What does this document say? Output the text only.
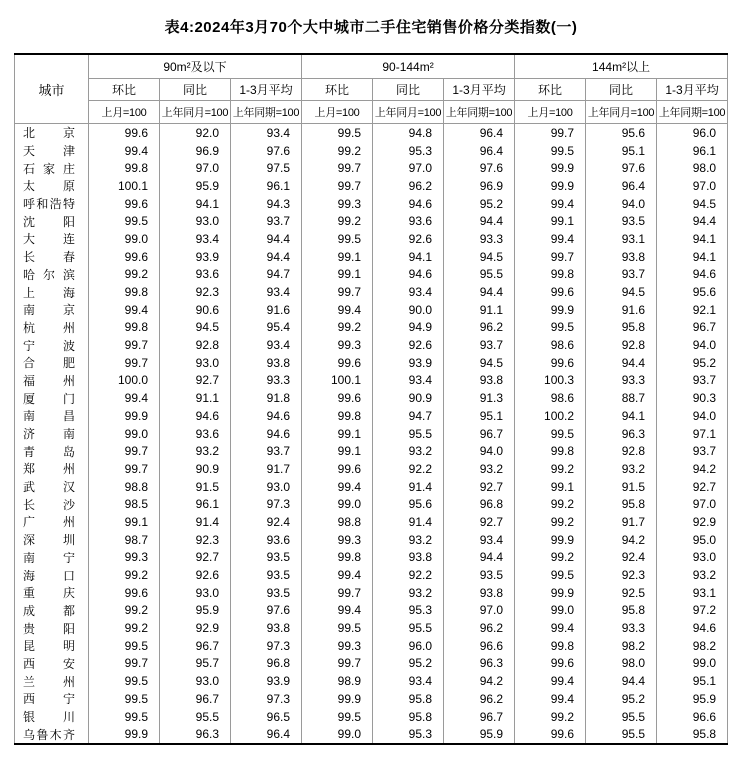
表4:2024年3月70个大中城市二手住宅销售价格分类指数(一)
城市	90m²及以下			90-144m²			144m²以上		
	环比	同比	1-3月平均	环比	同比	1-3月平均	环比	同比	1-3月平均
	上月=100	上年同月=100	上年同期=100	上月=100	上年同月=100	上年同期=100	上月=100	上年同月=100	上年同期=100
北京	99.6	92.0	93.4	99.5	94.8	96.4	99.7	95.6	96.0
天津	99.4	96.9	97.6	99.2	95.3	96.4	99.5	95.1	96.1
石家庄	99.8	97.0	97.5	99.7	97.0	97.6	99.9	97.6	98.0
太原	100.1	95.9	96.1	99.7	96.2	96.9	99.9	96.4	97.0
呼和浩特	99.6	94.1	94.3	99.3	94.6	95.2	99.4	94.0	94.5
沈阳	99.5	93.0	93.7	99.2	93.6	94.4	99.1	93.5	94.4
大连	99.0	93.4	94.4	99.5	92.6	93.3	99.4	93.1	94.1
长春	99.6	93.9	94.4	99.1	94.1	94.5	99.7	93.8	94.1
哈尔滨	99.2	93.6	94.7	99.1	94.6	95.5	99.8	93.7	94.6
上海	99.8	92.3	93.4	99.7	93.4	94.4	99.6	94.5	95.6
南京	99.4	90.6	91.6	99.4	90.0	91.1	99.9	91.6	92.1
杭州	99.8	94.5	95.4	99.2	94.9	96.2	99.5	95.8	96.7
宁波	99.7	92.8	93.4	99.3	92.6	93.7	98.6	92.8	94.0
合肥	99.7	93.0	93.8	99.6	93.9	94.5	99.6	94.4	95.2
福州	100.0	92.7	93.3	100.1	93.4	93.8	100.3	93.3	93.7
厦门	99.4	91.1	91.8	99.6	90.9	91.3	98.6	88.7	90.3
南昌	99.9	94.6	94.6	99.8	94.7	95.1	100.2	94.1	94.0
济南	99.0	93.6	94.6	99.1	95.5	96.7	99.5	96.3	97.1
青岛	99.7	93.2	93.7	99.1	93.2	94.0	99.8	92.8	93.7
郑州	99.7	90.9	91.7	99.6	92.2	93.2	99.2	93.2	94.2
武汉	98.8	91.5	93.0	99.4	91.4	92.7	99.1	91.5	92.7
长沙	98.5	96.1	97.3	99.0	95.6	96.8	99.2	95.8	97.0
广州	99.1	91.4	92.4	98.8	91.4	92.7	99.2	91.7	92.9
深圳	98.7	92.3	93.6	99.3	93.2	93.4	99.9	94.2	95.0
南宁	99.3	92.7	93.5	99.8	93.8	94.4	99.2	92.4	93.0
海口	99.2	92.6	93.5	99.4	92.2	93.5	99.5	92.3	93.2
重庆	99.6	93.0	93.5	99.7	93.2	93.8	99.9	92.5	93.1
成都	99.2	95.9	97.6	99.4	95.3	97.0	99.0	95.8	97.2
贵阳	99.2	92.9	93.8	99.5	95.5	96.2	99.4	93.3	94.6
昆明	99.5	96.7	97.3	99.3	96.0	96.6	99.8	98.2	98.2
西安	99.7	95.7	96.8	99.7	95.2	96.3	99.6	98.0	99.0
兰州	99.5	93.0	93.9	98.9	93.4	94.2	99.4	94.4	95.1
西宁	99.5	96.7	97.3	99.9	95.8	96.2	99.4	95.2	95.9
银川	99.5	95.5	96.5	99.5	95.8	96.7	99.2	95.5	96.6
乌鲁木齐	99.9	96.3	96.4	99.0	95.3	95.9	99.6	95.5	95.8
